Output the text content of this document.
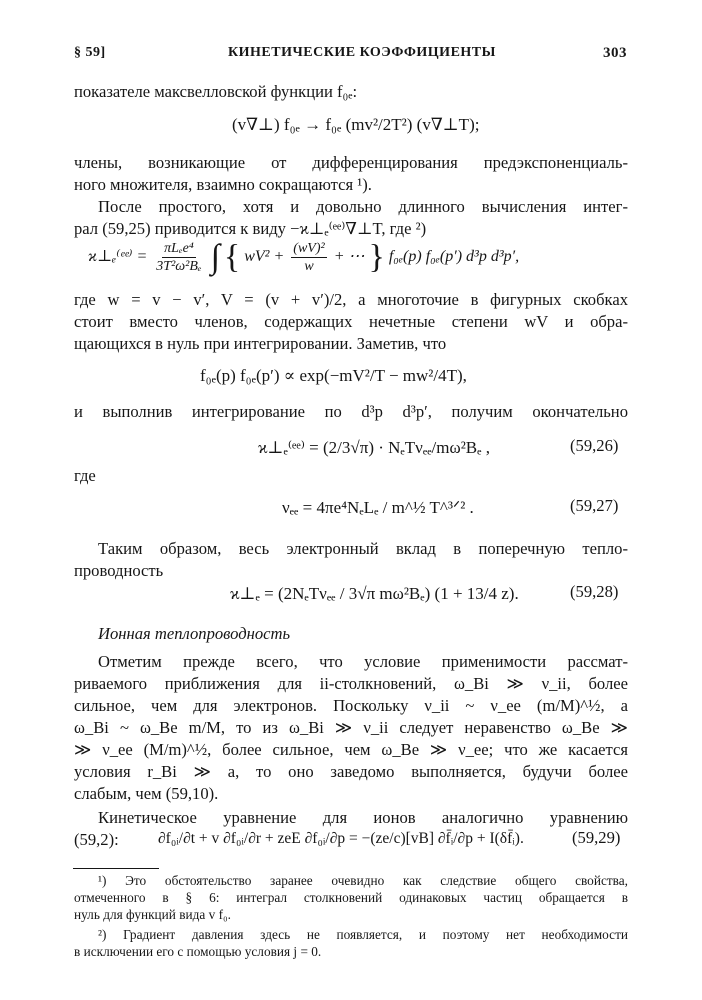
§ 59]	КИНЕТИЧЕСКИЕ КОЭФФИЦИЕНТЫ	303
показателе максвелловской функции f₀ₑ:
(v∇⊥) f₀ₑ → f₀ₑ (mv²/2T²) (v∇⊥T);
члены, возникающие от дифференцирования предэкспоненциаль-
ного множителя, взаимно сокращаются ¹).
После простого, хотя и довольно длинного вычисления интег-
рал (59,25) приводится к виду −ϰ⊥ₑ⁽ᵉᵉ⁾∇⊥T, где ²)
ϰ⊥ₑ⁽ᵉᵉ⁾ = $\frac{\text{πLₑe⁴}}{\text{3T²ω²Bₑ}}$ ∫ { $wV^2 + \frac{\text{(wV)²}}{w}$ + ⋯ } f₀ₑ(p) f₀ₑ(p′) d³p d³p′,
где w = v − v′, V = (v + v′)/2, а многоточие в фигурных скобках
стоит вместо членов, содержащих нечетные степени wV и обра-
щающихся в нуль при интегрировании. Заметив, что
f₀ₑ(p) f₀ₑ(p′) ∝ exp(−mV²/T − mw²/4T),
и выполнив интегрирование по d³p d³p′, получим окончательно
ϰ⊥ₑ⁽ᵉᵉ⁾ = (2/3√π) · NₑTνₑₑ/mω²Bₑ ,	(59,26)
где
νₑₑ = 4πe⁴NₑLₑ / m^½ T^³ᐟ² .	(59,27)
Таким образом, весь электронный вклад в поперечную тепло-
проводность
ϰ⊥ₑ = (2NₑTνₑₑ / 3√π mω²Bₑ) (1 + 13/4 z).	(59,28)
Ионная теплопроводность
Отметим прежде всего, что условие применимости рассмат-
риваемого приближения для ii-столкновений, ω_Bi ≫ ν_ii, более
сильное, чем для электронов. Поскольку ν_ii ~ ν_ee (m/M)^½, а
ω_Bi ~ ω_Be m/M, то из ω_Bi ≫ ν_ii следует неравенство ω_Be ≫
≫ ν_ee (M/m)^½, более сильное, чем ω_Be ≫ ν_ee; что же касается
условия r_Bi ≫ a, то оно заведомо выполняется, будучи более
слабым, чем (59,10).
Кинетическое уравнение для ионов аналогично уравнению
(59,2):	∂f₀ᵢ/∂t + v ∂f₀ᵢ/∂r + zeE ∂f₀ᵢ/∂p = −(ze/c)[vB] ∂f̄ᵢ/∂p + I(δf̄ᵢ).	(59,29)
¹) Это обстоятельство заранее очевидно как следствие общего свойства,
отмеченного в § 6: интеграл столкновений одинаковых частиц обращается в
нуль для функций вида v f₀.
²) Градиент давления здесь не появляется, и поэтому нет необходимости
в исключении его с помощью условия j = 0.
